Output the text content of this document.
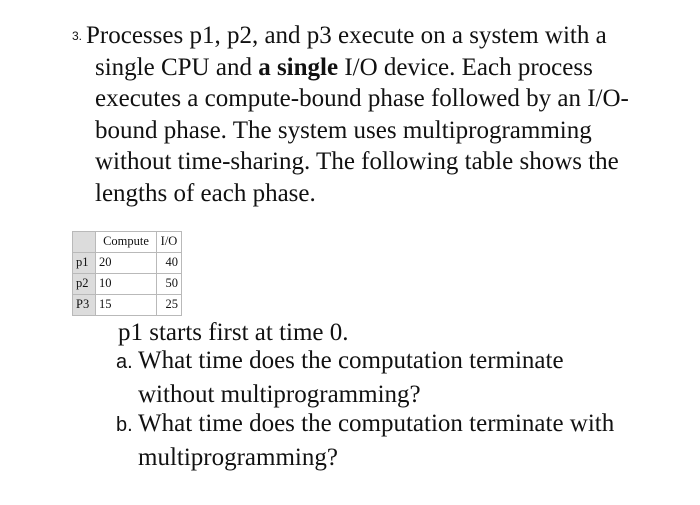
3. Processes p1, p2, and p3 execute on a system with a
single CPU and a single I/O device. Each process
executes a compute-bound phase followed by an I/O-
bound phase. The system uses multiprogramming
without time-sharing. The following table shows the
lengths of each phase.
	Compute	I/O
p1	20	40
p2	10	50
P3	15	25
p1 starts first at time 0.
a. What time does the computation terminate
without multiprogramming?
b. What time does the computation terminate with
multiprogramming?
